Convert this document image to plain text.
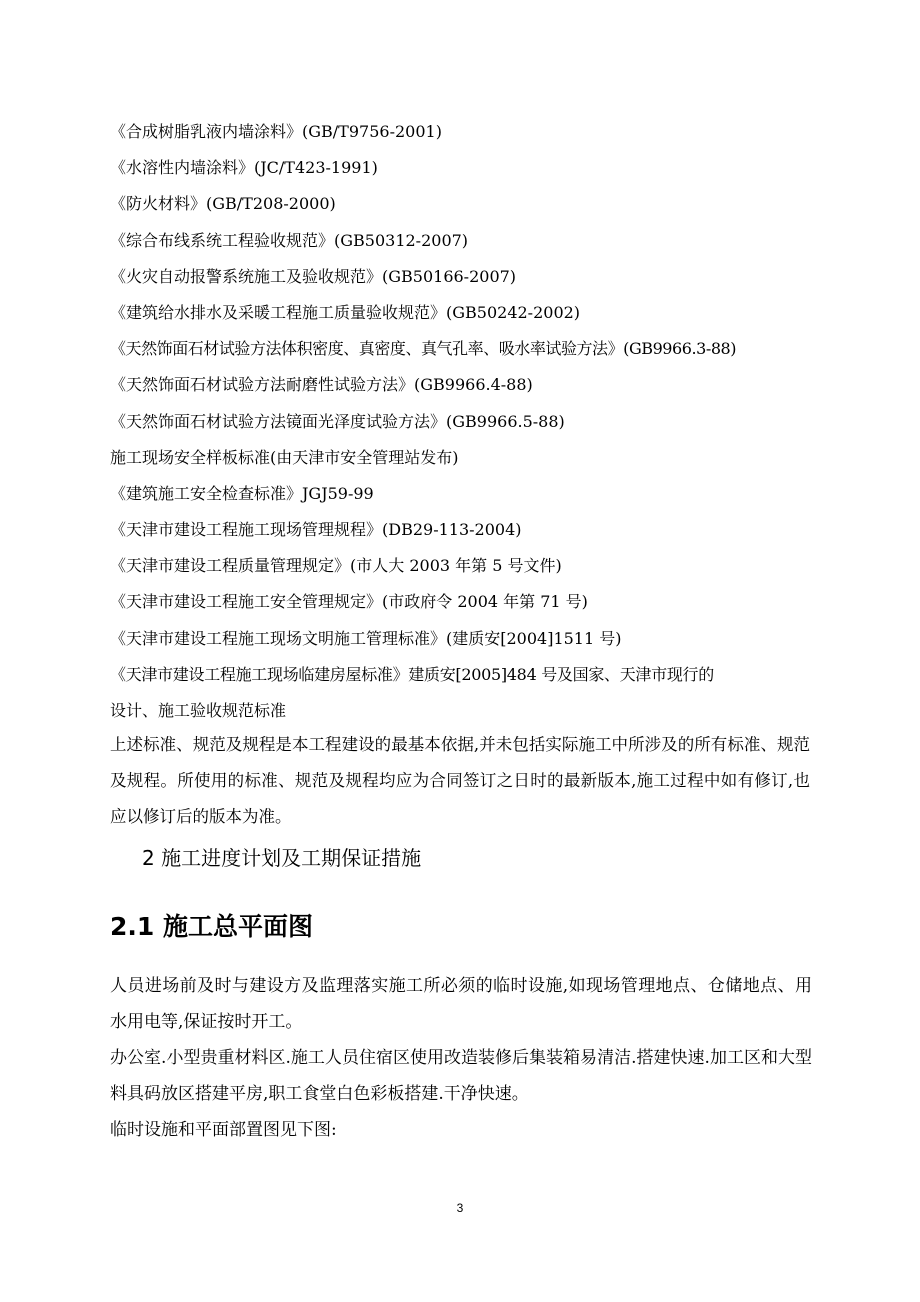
《合成树脂乳液内墙涂料》(GB/T9756-2001)
《水溶性内墙涂料》(JC/T423-1991)
《防火材料》(GB/T208-2000)
《综合布线系统工程验收规范》(GB50312-2007)
《火灾自动报警系统施工及验收规范》(GB50166-2007)
《建筑给水排水及采暖工程施工质量验收规范》(GB50242-2002)
《天然饰面石材试验方法体积密度、真密度、真气孔率、吸水率试验方法》(GB9966.3-88)
《天然饰面石材试验方法耐磨性试验方法》(GB9966.4-88)
《天然饰面石材试验方法镜面光泽度试验方法》(GB9966.5-88)
施工现场安全样板标准(由天津市安全管理站发布)
《建筑施工安全检查标准》JGJ59-99
《天津市建设工程施工现场管理规程》(DB29-113-2004)
《天津市建设工程质量管理规定》(市人大 2003 年第 5 号文件)
《天津市建设工程施工安全管理规定》(市政府令 2004 年第 71 号)
《天津市建设工程施工现场文明施工管理标准》(建质安[2004]1511 号)
《天津市建设工程施工现场临建房屋标准》建质安[2005]484 号及国家、天津市现行的
设计、施工验收规范标准

上述标准、规范及规程是本工程建设的最基本依据,并未包括实际施工中所涉及的所有标准、规范及规程。所使用的标准、规范及规程均应为合同签订之日时的最新版本,施工过程中如有修订,也应以修订后的版本为准。

2 施工进度计划及工期保证措施
2.1 施工总平面图

人员进场前及时与建设方及监理落实施工所必须的临时设施,如现场管理地点、仓储地点、用水用电等,保证按时开工。

办公室.小型贵重材料区.施工人员住宿区使用改造装修后集装箱易清洁.搭建快速.加工区和大型料具码放区搭建平房,职工食堂白色彩板搭建.干净快速。

临时设施和平面部置图见下图:

3
